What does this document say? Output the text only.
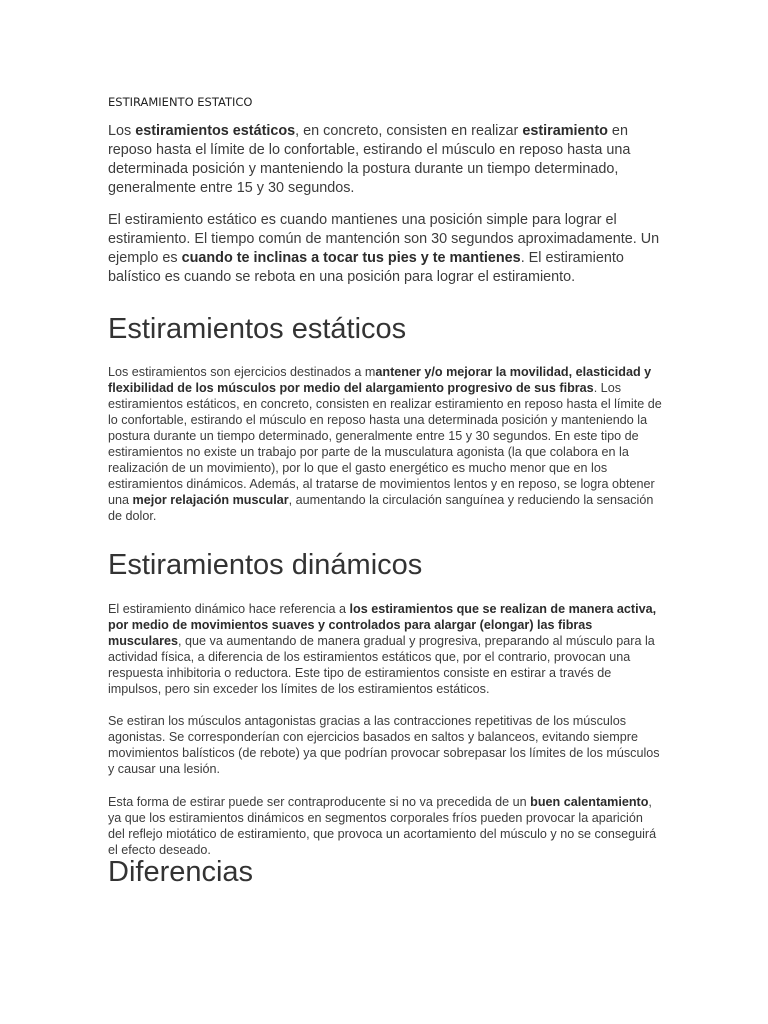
ESTIRAMIENTO ESTATICO

Los estiramientos estáticos, en concreto, consisten en realizar estiramiento en reposo hasta el límite de lo confortable, estirando el músculo en reposo hasta una determinada posición y manteniendo la postura durante un tiempo determinado, generalmente entre 15 y 30 segundos.

El estiramiento estático es cuando mantienes una posición simple para lograr el estiramiento. El tiempo común de mantención son 30 segundos aproximadamente. Un ejemplo es cuando te inclinas a tocar tus pies y te mantienes. El estiramiento balístico es cuando se rebota en una posición para lograr el estiramiento.

Estiramientos estáticos

Los estiramientos son ejercicios destinados a mantener y/o mejorar la movilidad, elasticidad y flexibilidad de los músculos por medio del alargamiento progresivo de sus fibras. Los estiramientos estáticos, en concreto, consisten en realizar estiramiento en reposo hasta el límite de lo confortable, estirando el músculo en reposo hasta una determinada posición y manteniendo la postura durante un tiempo determinado, generalmente entre 15 y 30 segundos. En este tipo de estiramientos no existe un trabajo por parte de la musculatura agonista (la que colabora en la realización de un movimiento), por lo que el gasto energético es mucho menor que en los estiramientos dinámicos. Además, al tratarse de movimientos lentos y en reposo, se logra obtener una mejor relajación muscular, aumentando la circulación sanguínea y reduciendo la sensación de dolor.

Estiramientos dinámicos

El estiramiento dinámico hace referencia a los estiramientos que se realizan de manera activa, por medio de movimientos suaves y controlados para alargar (elongar) las fibras musculares, que va aumentando de manera gradual y progresiva, preparando al músculo para la actividad física, a diferencia de los estiramientos estáticos que, por el contrario, provocan una respuesta inhibitoria o reductora. Este tipo de estiramientos consiste en estirar a través de impulsos, pero sin exceder los límites de los estiramientos estáticos.

Se estiran los músculos antagonistas gracias a las contracciones repetitivas de los músculos agonistas. Se corresponderían con ejercicios basados en saltos y balanceos, evitando siempre movimientos balísticos (de rebote) ya que podrían provocar sobrepasar los límites de los músculos y causar una lesión.

Esta forma de estirar puede ser contraproducente si no va precedida de un buen calentamiento, ya que los estiramientos dinámicos en segmentos corporales fríos pueden provocar la aparición del reflejo miotático de estiramiento, que provoca un acortamiento del músculo y no se conseguirá el efecto deseado.

Diferencias
